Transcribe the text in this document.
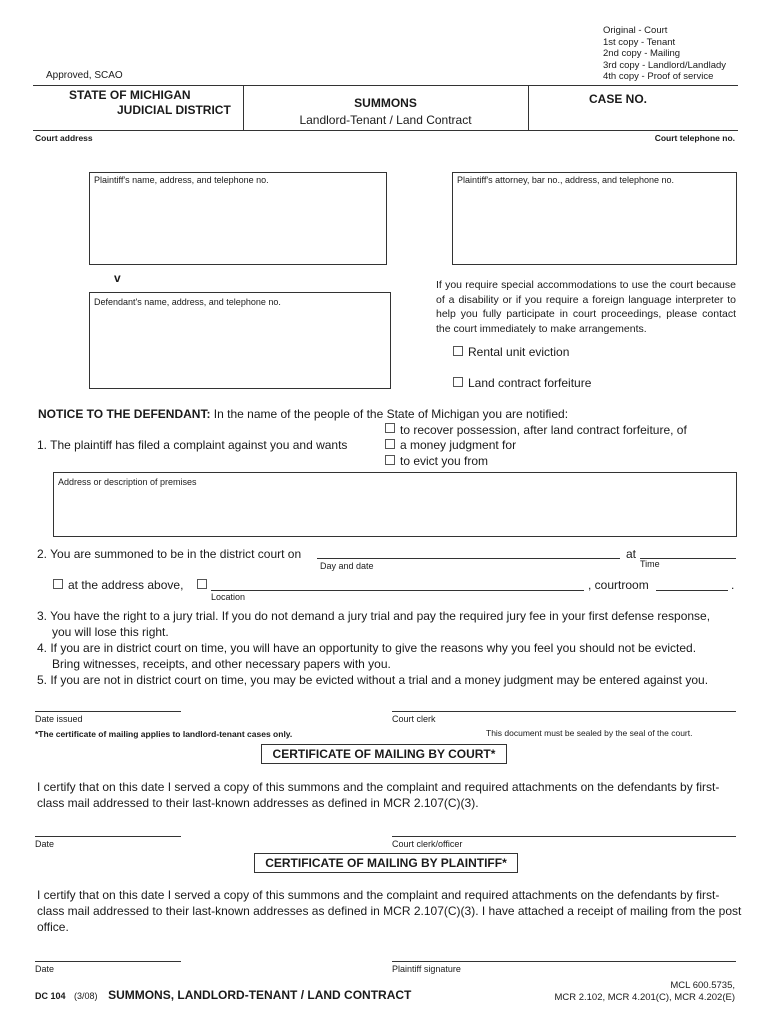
Original - Court
1st copy - Tenant
2nd copy - Mailing
3rd copy - Landlord/Landlady
4th copy - Proof of service
Approved, SCAO
STATE OF MICHIGAN
JUDICIAL DISTRICT	SUMMONS
Landlord-Tenant / Land Contract
CASE NO.
Court address	Court telephone no.
Plaintiff's name, address, and telephone no.	Plaintiff's attorney, bar no., address, and telephone no.
v
Defendant's name, address, and telephone no.
If you require special accommodations to use the court because of a disability or if you require a foreign language interpreter to help you fully participate in court proceedings, please contact the court immediately to make arrangements.
Rental unit eviction
Land contract forfeiture
NOTICE TO THE DEFENDANT: In the name of the people of the State of Michigan you are notified:
1. The plaintiff has filed a complaint against you and wants
to recover possession, after land contract forfeiture, of
a money judgment for
to evict you from
Address or description of premises
2. You are summoned to be in the district court on	at
Day and date	Time
at the address above,	, courtroom	.
Location
3. You have the right to a jury trial. If you do not demand a jury trial and pay the required jury fee in your first defense response,
you will lose this right.
4. If you are in district court on time, you will have an opportunity to give the reasons why you feel you should not be evicted.
Bring witnesses, receipts, and other necessary papers with you.
5. If you are not in district court on time, you may be evicted without a trial and a money judgment may be entered against you.
Date issued	Court clerk
*The certificate of mailing applies to landlord-tenant cases only.	This document must be sealed by the seal of the court.
CERTIFICATE OF MAILING BY COURT*
I certify that on this date I served a copy of this summons and the complaint and required attachments on the defendants by first-class mail addressed to their last-known addresses as defined in MCR 2.107(C)(3).
Date	Court clerk/officer
CERTIFICATE OF MAILING BY PLAINTIFF*
I certify that on this date I served a copy of this summons and the complaint and required attachments on the defendants by first-class mail addressed to their last-known addresses as defined in MCR 2.107(C)(3). I have attached a receipt of mailing from the post office.
Date	Plaintiff signature
DC 104 (3/08) SUMMONS, LANDLORD-TENANT / LAND CONTRACT
MCL 600.5735,
MCR 2.102, MCR 4.201(C), MCR 4.202(E)
